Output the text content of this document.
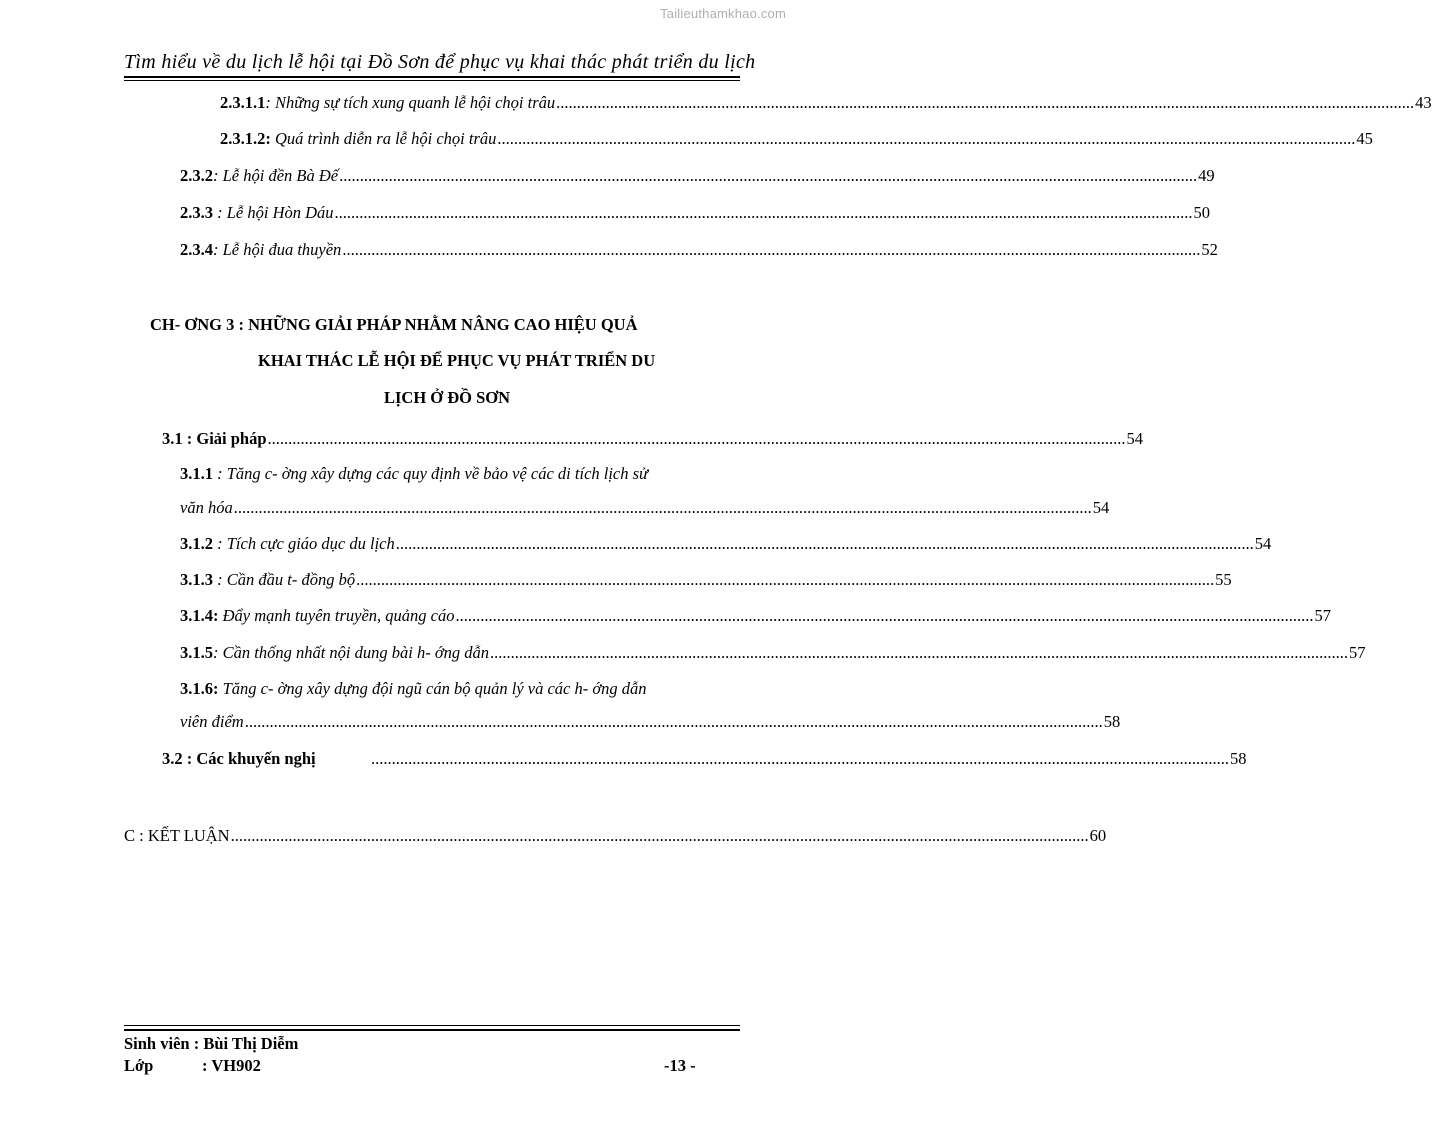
Tailieuthamkhao.com
Tìm hiểu về du lịch lễ hội tại Đồ Sơn để phục vụ khai thác phát triển du lịch
2.3.1.1: Những sự tích xung quanh lễ hội chọi trâu .....	43
2.3.1.2: Quá trình diễn ra lễ hội chọi trâu .....	45
2.3.2: Lễ hội đền Bà Đế .....	49
2.3.3 : Lễ hội Hòn Dáu .....	50
2.3.4: Lễ hội đua thuyền .....	52
CH- ƠNG 3 : NHỮNG GIẢI PHÁP NHẰM NÂNG CAO HIỆU QUẢ
KHAI THÁC LỄ HỘI ĐỂ PHỤC VỤ PHÁT TRIỂN DU
LỊCH Ở ĐỒ SƠN
3.1 : Giải pháp .....	54
3.1.1 : Tăng c- ờng xây dựng các quy định về bảo vệ các di tích lịch sử
văn hóa .....	54
3.1.2 : Tích cực giáo dục du lịch .....	54
3.1.3 : Cần đầu t- đồng bộ .....	55
3.1.4: Đẩy mạnh tuyên truyền, quảng cáo .....	57
3.1.5: Cần thống nhất nội dung bài h- ớng dẫn .....	57
3.1.6: Tăng c- ờng xây dựng đội ngũ cán bộ quản lý và các h- ớng dẫn
viên điểm .....	58
3.2 : Các khuyến nghị .....	58
C : KẾT LUẬN .....	60
Sinh viên : Bùi Thị Diễm
Lớp	: VH902	-13 -
